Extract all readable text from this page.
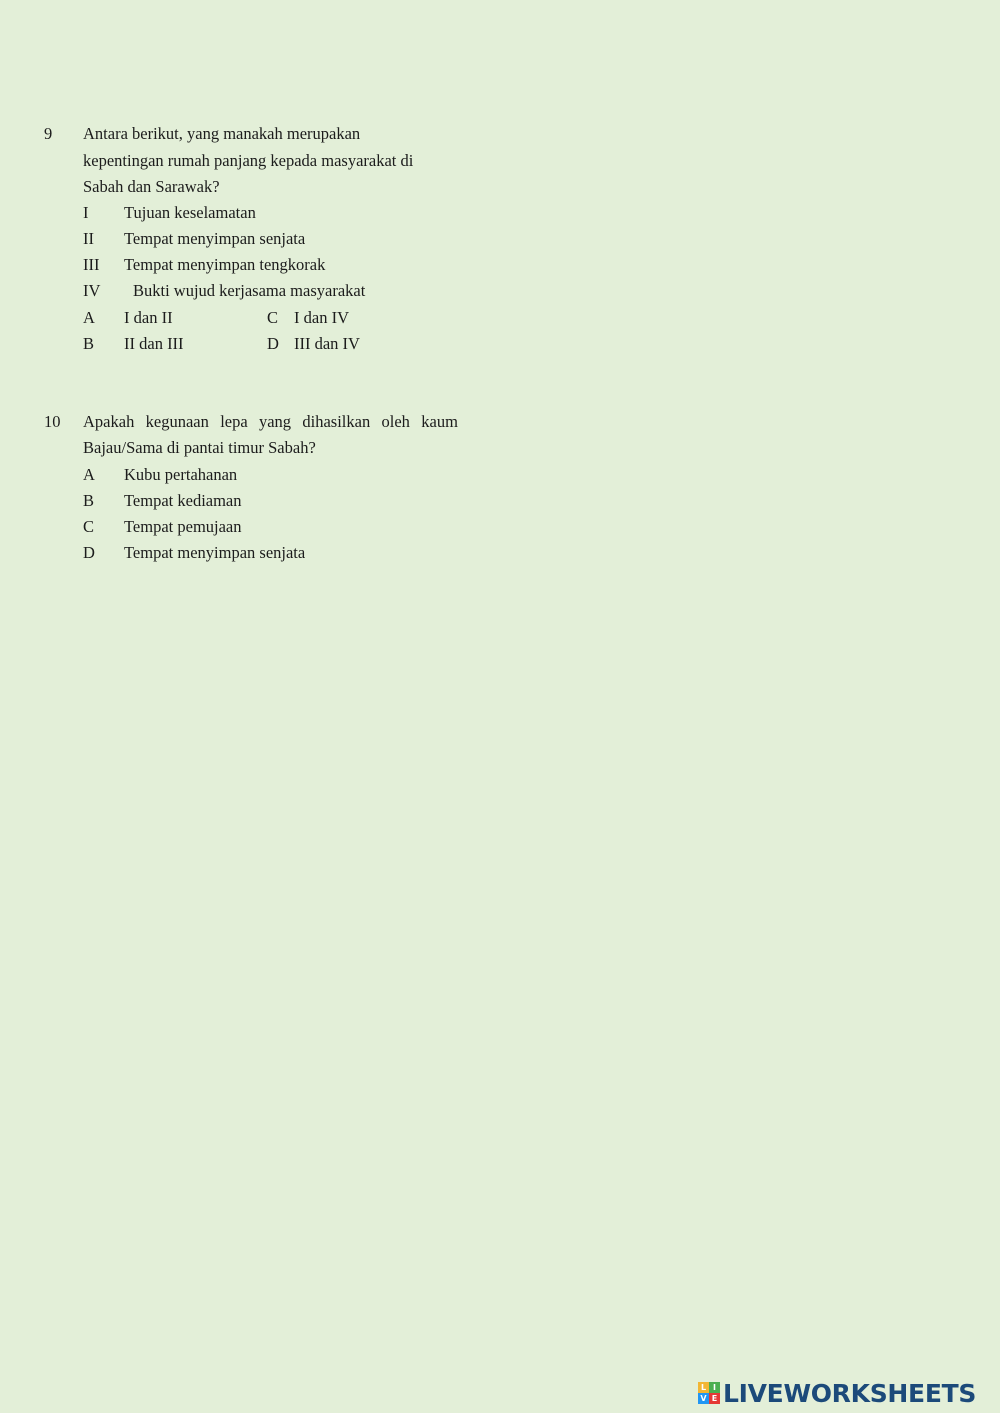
9 Antara berikut, yang manakah merupakan
kepentingan rumah panjang kepada masyarakat di
Sabah dan Sarawak?
I Tujuan keselamatan
II Tempat menyimpan senjata
III Tempat menyimpan tengkorak
IV Bukti wujud kerjasama masyarakat
A I dan II	C I dan IV
B II dan III	D III dan IV
10 Apakah kegunaan lepa yang dihasilkan oleh kaum
Bajau/Sama di pantai timur Sabah?
A Kubu pertahanan
B Tempat kediaman
C Tempat pemujaan
D Tempat menyimpan senjata
L I
V E LIVEWORKSHEETS
